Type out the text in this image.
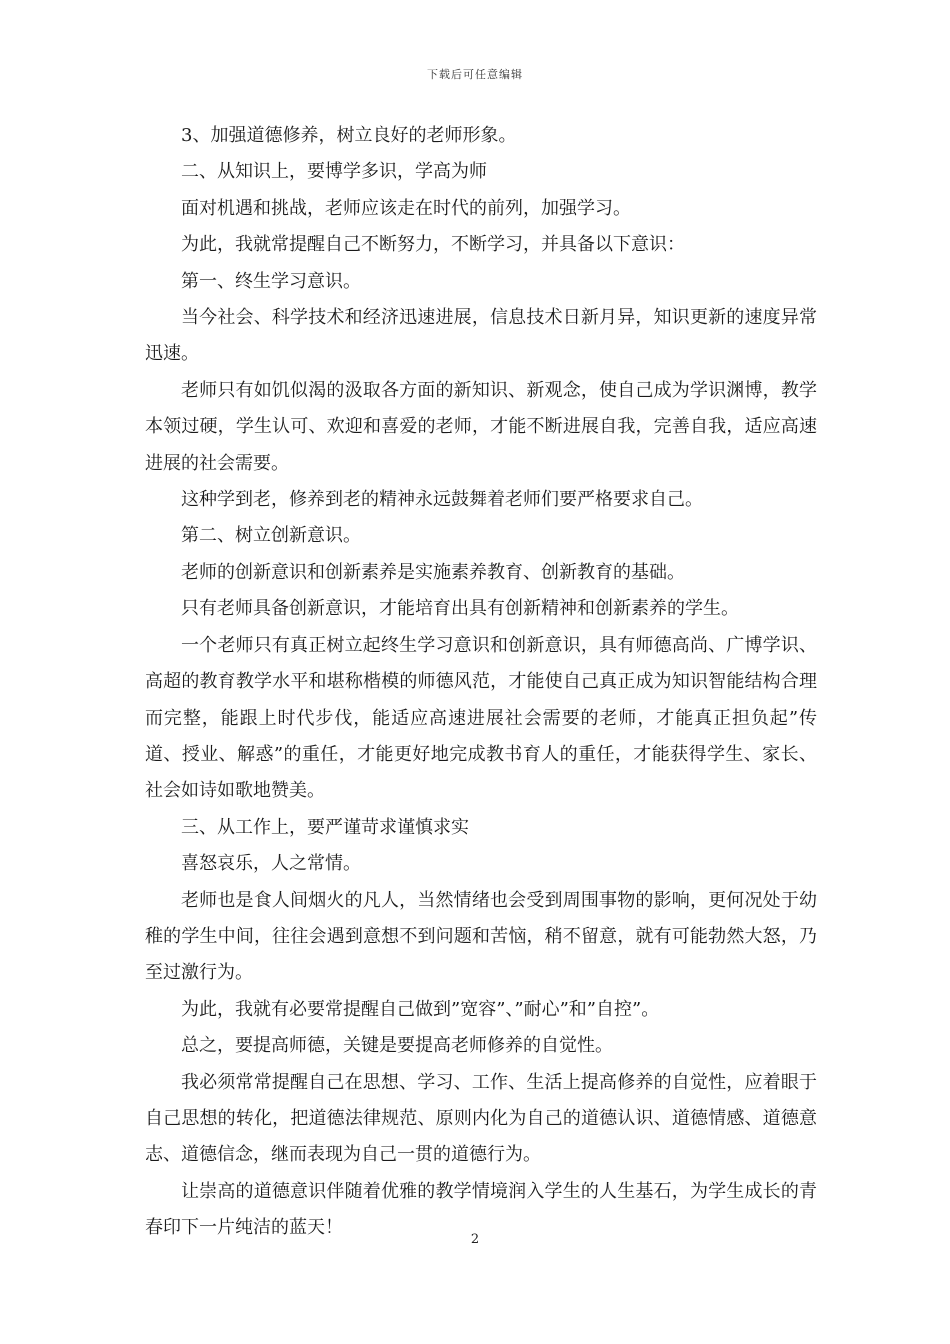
下载后可任意编辑

3、加强道德修养，树立良好的老师形象。

二、从知识上，要博学多识，学高为师

面对机遇和挑战，老师应该走在时代的前列，加强学习。

为此，我就常提醒自己不断努力，不断学习，并具备以下意识：

第一、终生学习意识。

当今社会、科学技术和经济迅速进展，信息技术日新月异，知识更新的速度异常迅速。

老师只有如饥似渴的汲取各方面的新知识、新观念，使自己成为学识渊博，教学本领过硬，学生认可、欢迎和喜爱的老师，才能不断进展自我，完善自我，适应高速进展的社会需要。

这种学到老，修养到老的精神永远鼓舞着老师们要严格要求自己。

第二、树立创新意识。

老师的创新意识和创新素养是实施素养教育、创新教育的基础。

只有老师具备创新意识，才能培育出具有创新精神和创新素养的学生。

一个老师只有真正树立起终生学习意识和创新意识，具有师德高尚、广博学识、高超的教育教学水平和堪称楷模的师德风范，才能使自己真正成为知识智能结构合理而完整，能跟上时代步伐，能适应高速进展社会需要的老师，才能真正担负起”传道、授业、解惑”的重任，才能更好地完成教书育人的重任，才能获得学生、家长、社会如诗如歌地赞美。

三、从工作上，要严谨苛求谨慎求实

喜怒哀乐，人之常情。

老师也是食人间烟火的凡人，当然情绪也会受到周围事物的影响，更何况处于幼稚的学生中间，往往会遇到意想不到问题和苦恼，稍不留意，就有可能勃然大怒，乃至过激行为。

为此，我就有必要常提醒自己做到”宽容”、”耐心”和”自控”。

总之，要提高师德，关键是要提高老师修养的自觉性。

我必须常常提醒自己在思想、学习、工作、生活上提高修养的自觉性，应着眼于自己思想的转化，把道德法律规范、原则内化为自己的道德认识、道德情感、道德意志、道德信念，继而表现为自己一贯的道德行为。

让崇高的道德意识伴随着优雅的教学情境润入学生的人生基石，为学生成长的青春印下一片纯洁的蓝天！

2
